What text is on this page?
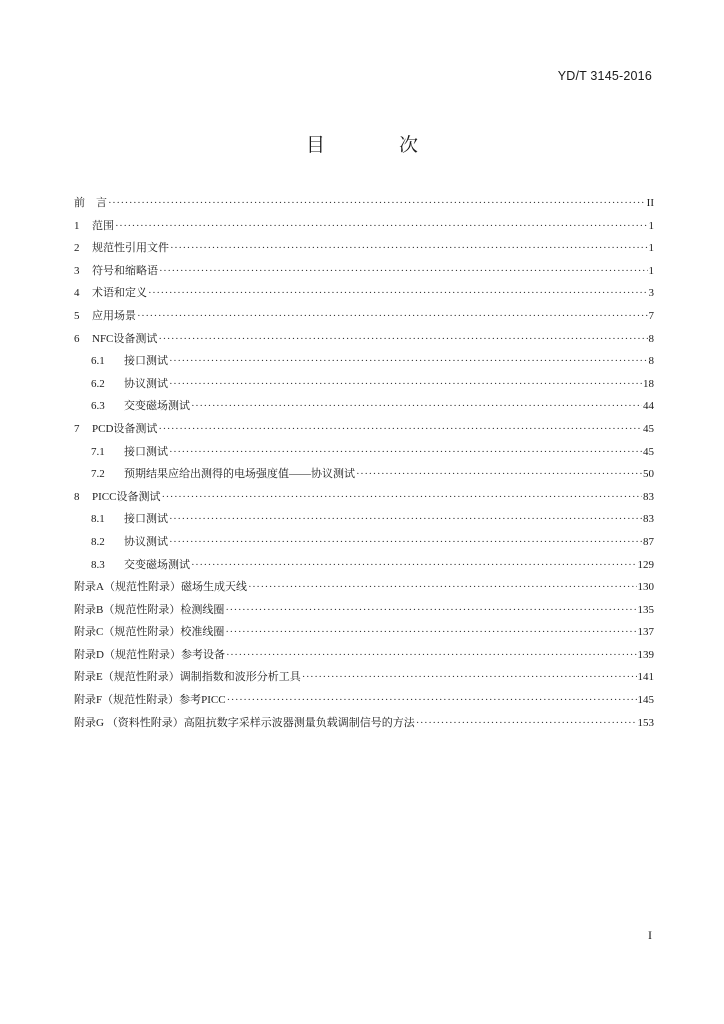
YD/T 3145-2016
目 次
前　言 ·····	II
1	范围 ·····	1
2	规范性引用文件 ·····	1
3	符号和缩略语 ·····	1
4	术语和定义 ·····	3
5	应用场景 ·····	7
6	NFC设备测试 ·····	8
6.1	接口测试 ·····	8
6.2	协议测试 ·····	18
6.3	交变磁场测试 ·····	44
7	PCD设备测试 ·····	45
7.1	接口测试 ·····	45
7.2	预期结果应给出测得的电场强度值——协议测试 ·····	50
8	PICC设备测试 ·····	83
8.1	接口测试 ·····	83
8.2	协议测试 ·····	87
8.3	交变磁场测试 ·····	129
附录A（规范性附录）磁场生成天线 ·····	130
附录B（规范性附录）检测线圈 ·····	135
附录C（规范性附录）校准线圈 ·····	137
附录D（规范性附录）参考设备 ·····	139
附录E（规范性附录）调制指数和波形分析工具 ·····	141
附录F（规范性附录）参考PICC ·····	145
附录G （资料性附录）高阻抗数字采样示波器测量负载调制信号的方法 ·····	153
I
